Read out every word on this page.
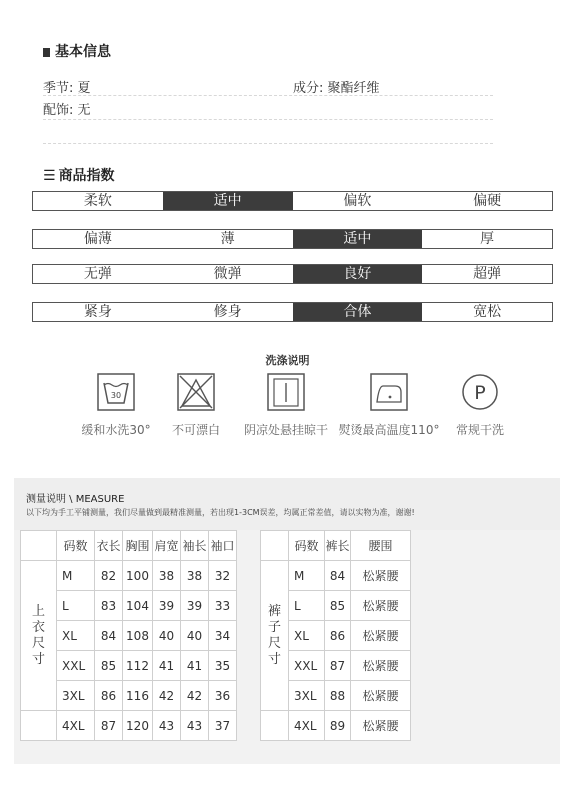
基本信息
季节: 夏	成分: 聚酯纤维
配饰: 无
☰ 商品指数
柔软	适中	偏软	偏硬
偏薄	薄	适中	厚
无弹	微弹	良好	超弹
紧身	修身	合体	宽松
洗涤说明
30
缓和水洗30°	不可漂白	阴凉处悬挂晾干 熨烫最高温度110°
P
常规干洗
测量说明 \ MEASURE
以下均为手工平铺测量，我们尽量做到最精准测量，若出现1-3CM误差，均属正常差值，请以实物为准，谢谢!
	码数	衣长	胸围	肩宽	袖长	袖口

上
衣
尺
寸	M	82	100	38	38	32
	L	83	104	39	39	33
	XL	84	108	40	40	34
	XXL	85	112	41	41	35
	3XL	86	116	42	42	36
	4XL	87	120	43	43	37
	码数	裤长	腰围

裤
子
尺
寸	M	84	松紧腰
	L	85	松紧腰
	XL	86	松紧腰
	XXL	87	松紧腰
	3XL	88	松紧腰
	4XL	89	松紧腰
